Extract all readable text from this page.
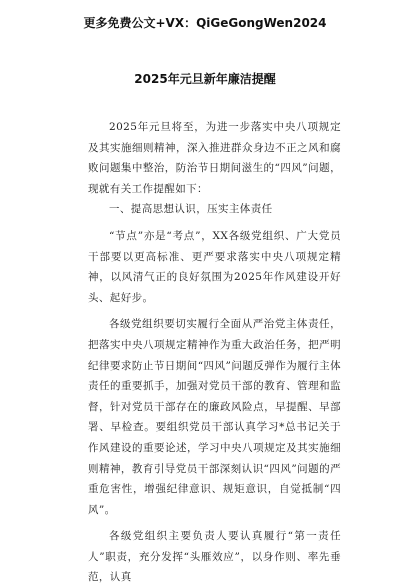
更多免费公文+VX：QiGeGongWen2024
2025年元旦新年廉洁提醒

2025年元旦将至，为进一步落实中央八项规定及其实施细则精神，深入推进群众身边不正之风和腐败问题集中整治，防治节日期间滋生的“四风”问题，现就有关工作提醒如下：

一、提高思想认识，压实主体责任

“节点”亦是“考点”，XX各级党组织、广大党员干部要以更高标准、更严要求落实中央八项规定精神，以风清气正的良好氛围为2025年作风建设开好头、起好步。

各级党组织要切实履行全面从严治党主体责任，把落实中央八项规定精神作为重大政治任务，把严明纪律要求防止节日期间“四风”问题反弹作为履行主体责任的重要抓手，加强对党员干部的教育、管理和监督，针对党员干部存在的廉政风险点，早提醒、早部署、早检查。要组织党员干部认真学习*总书记关于作风建设的重要论述，学习中央八项规定及其实施细则精神，教育引导党员干部深刻认识“四风”问题的严重危害性，增强纪律意识、规矩意识，自觉抵制“四风”。

各级党组织主要负责人要认真履行“第一责任人”职责，充分发挥“头雁效应”，以身作则、率先垂范，认真
